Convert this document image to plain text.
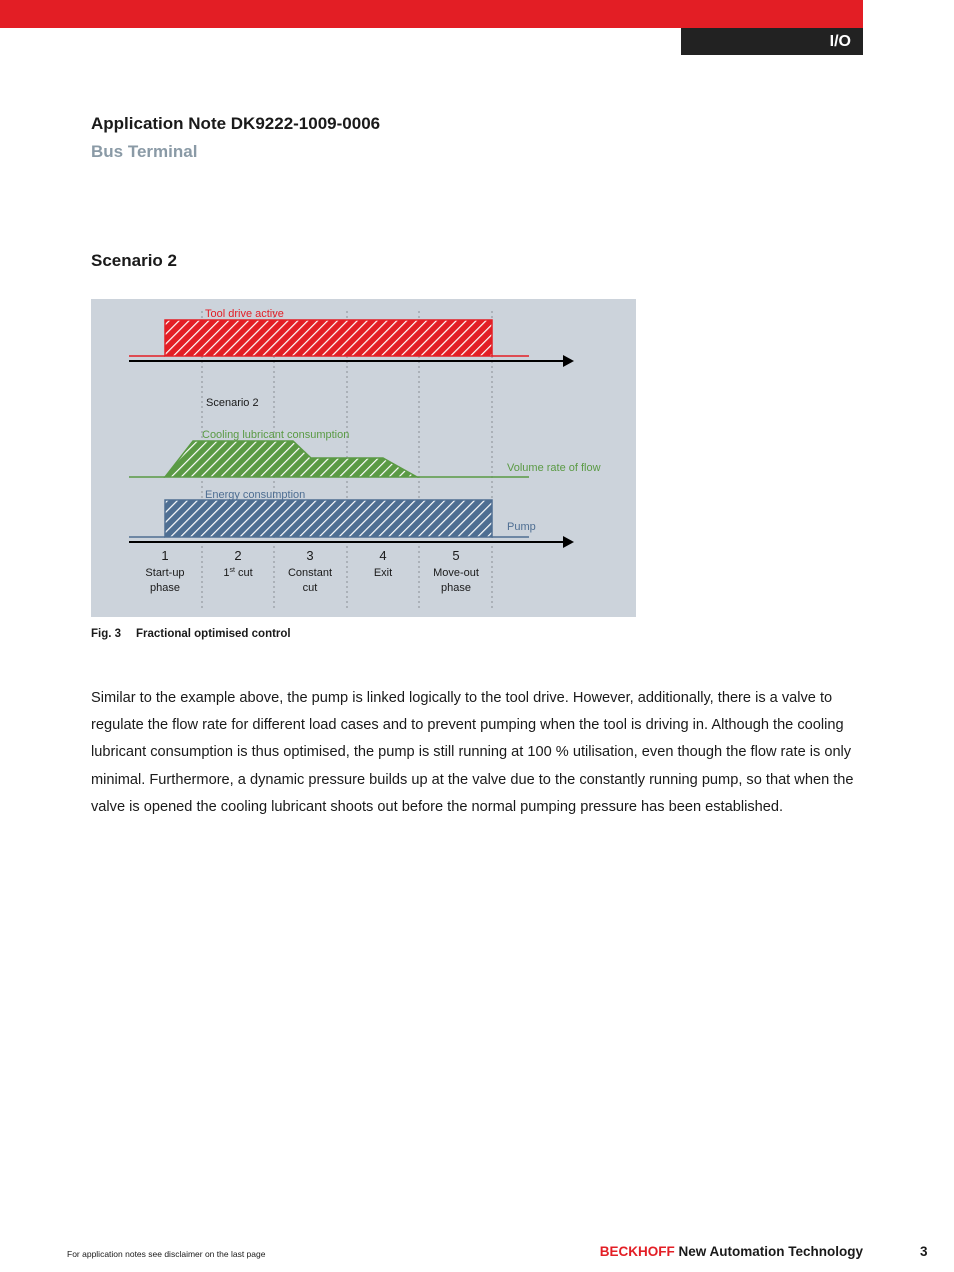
I/O
Application Note DK9222-1009-0006
Bus Terminal
Scenario 2
Tool drive active
Scenario 2
Cooling lubricant consumption
Volume rate of flow
Energy consumption
Pump
1
Start-up
phase
2
1st cut
3
Constant
cut
4
Exit
5
Move-out
phase
Fig. 3 Fractional optimised control

Similar to the example above, the pump is linked logically to the tool drive. However, additionally, there is a valve to regulate the flow rate for different load cases and to prevent pumping when the tool is driving in. Although the cooling lubricant consumption is thus optimised, the pump is still running at 100 % utilisation, even though the flow rate is only minimal. Furthermore, a dynamic pressure builds up at the valve due to the constantly running pump, so that when the valve is opened the cooling lubricant shoots out before the normal pumping pressure has been established.

For application notes see disclaimer on the last page	BECKHOFF New Automation Technology	3
